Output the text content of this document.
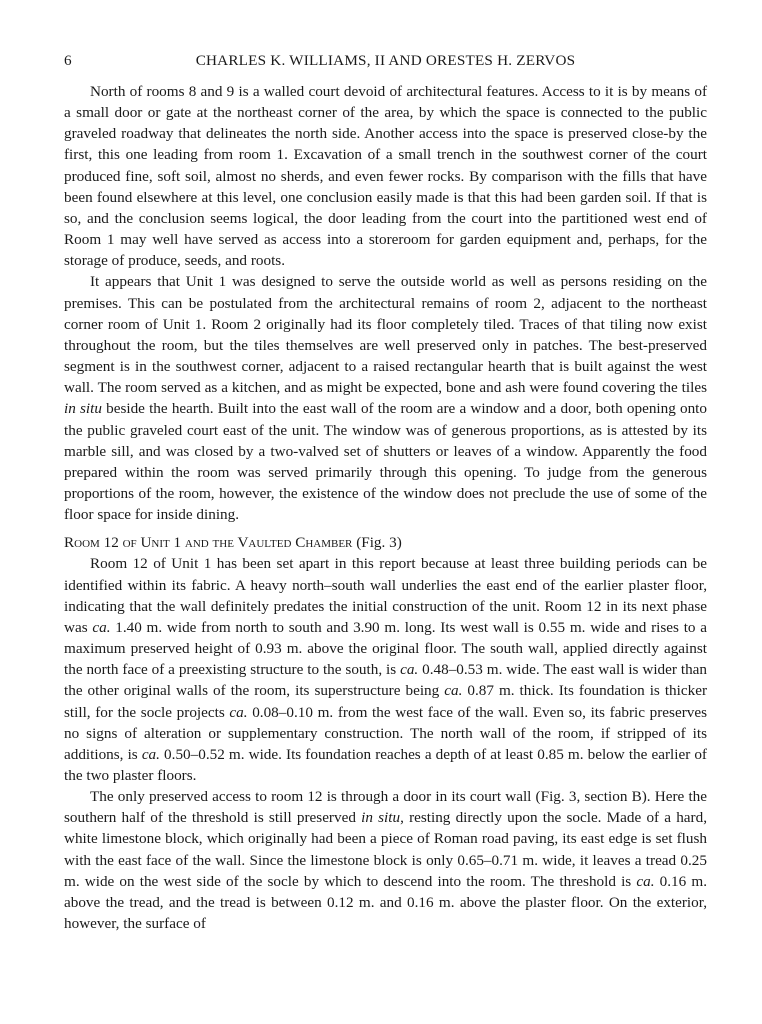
6	CHARLES K. WILLIAMS, II AND ORESTES H. ZERVOS

North of rooms 8 and 9 is a walled court devoid of architectural features. Access to it is by means of a small door or gate at the northeast corner of the area, by which the space is connected to the public graveled roadway that delineates the north side. Another access into the space is preserved close-by the first, this one leading from room 1. Excavation of a small trench in the southwest corner of the court produced fine, soft soil, almost no sherds, and even fewer rocks. By comparison with the fills that have been found elsewhere at this level, one conclusion easily made is that this had been garden soil. If that is so, and the conclusion seems logical, the door leading from the court into the partitioned west end of Room 1 may well have served as access into a storeroom for garden equipment and, perhaps, for the storage of produce, seeds, and roots.

It appears that Unit 1 was designed to serve the outside world as well as persons residing on the premises. This can be postulated from the architectural remains of room 2, adjacent to the northeast corner room of Unit 1. Room 2 originally had its floor completely tiled. Traces of that tiling now exist throughout the room, but the tiles themselves are well preserved only in patches. The best-preserved segment is in the southwest corner, adjacent to a raised rectangular hearth that is built against the west wall. The room served as a kitchen, and as might be expected, bone and ash were found covering the tiles in situ beside the hearth. Built into the east wall of the room are a window and a door, both opening onto the public graveled court east of the unit. The window was of generous proportions, as is attested by its marble sill, and was closed by a two-valved set of shutters or leaves of a window. Apparently the food prepared within the room was served primarily through this opening. To judge from the generous proportions of the room, however, the existence of the window does not preclude the use of some of the floor space for inside dining.

Room 12 of Unit 1 and the Vaulted Chamber (Fig. 3)

Room 12 of Unit 1 has been set apart in this report because at least three building periods can be identified within its fabric. A heavy north–south wall underlies the east end of the earlier plaster floor, indicating that the wall definitely predates the initial construction of the unit. Room 12 in its next phase was ca. 1.40 m. wide from north to south and 3.90 m. long. Its west wall is 0.55 m. wide and rises to a maximum preserved height of 0.93 m. above the original floor. The south wall, applied directly against the north face of a preexisting structure to the south, is ca. 0.48–0.53 m. wide. The east wall is wider than the other original walls of the room, its superstructure being ca. 0.87 m. thick. Its foundation is thicker still, for the socle projects ca. 0.08–0.10 m. from the west face of the wall. Even so, its fabric preserves no signs of alteration or supplementary construction. The north wall of the room, if stripped of its additions, is ca. 0.50–0.52 m. wide. Its foundation reaches a depth of at least 0.85 m. below the earlier of the two plaster floors.

The only preserved access to room 12 is through a door in its court wall (Fig. 3, section B). Here the southern half of the threshold is still preserved in situ, resting directly upon the socle. Made of a hard, white limestone block, which originally had been a piece of Roman road paving, its east edge is set flush with the east face of the wall. Since the limestone block is only 0.65–0.71 m. wide, it leaves a tread 0.25 m. wide on the west side of the socle by which to descend into the room. The threshold is ca. 0.16 m. above the tread, and the tread is between 0.12 m. and 0.16 m. above the plaster floor. On the exterior, however, the surface of
